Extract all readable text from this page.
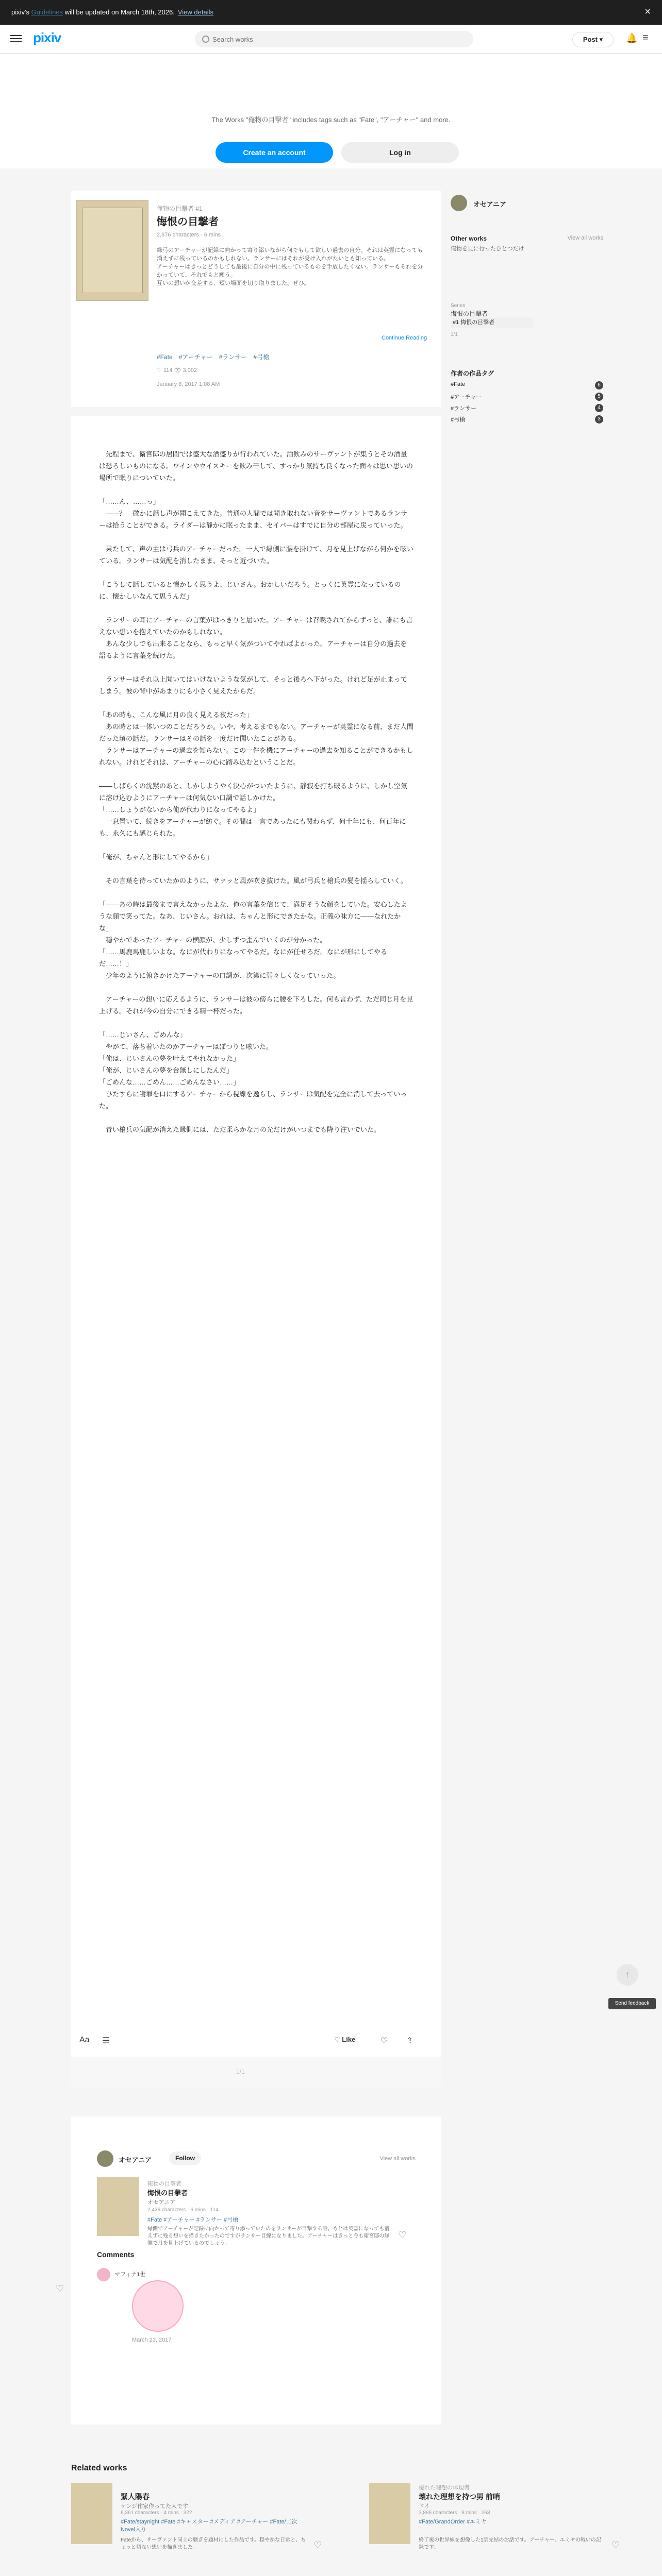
pixiv's Guidelines will be updated on March 18th, 2026. View details	×
pixiv
Search works	Post ▾	🔔 ≡
The Works "俺物の目撃者" includes tags such as "Fate", "アーチャー" and more.
Create an account	Log in
俺物の目撃者 #1
悔恨の目撃者
2,876 characters · 6 mins
緑弓のアーチャーが記録に向かって寄り添いながら何でもして欲しい過去の自分。それは英霊になっても消えずに残っているのかもしれない。ランサーにはそれが受け入れがたいとも知っている。
アーチャーはきっとどうしても最後に自分の中に残っているものを手放したくない。ランサーもそれを分かっていて、それでもと願う。
互いの想いが交差する、短い場面を切り取りました。ぜひ。
Continue Reading
#Fate #アーチャー #ランサー #弓槍
♡ 114 👁 3,002
January 8, 2017 1:08 AM
オセアニア
Other works	View all works
俺物を見に行ったひとつだけ
Series
悔恨の目撃者
#1 悔恨の目撃者
1/1
作者の作品タグ
#Fate	6
#アーチャー	5
#ランサー	4
#弓槍	3
　先程まで、衛宮邸の居間では盛大な酒盛りが行われていた。酒飲みのサーヴァントが集うとその酒量は恐ろしいものになる。ワインやウイスキーを飲み干して、すっかり気持ち良くなった面々は思い思いの場所で眠りについていた。

「……ん、……っ」
　――？　微かに話し声が聞こえてきた。普通の人間では聞き取れない音をサーヴァントであるランサーは拾うことができる。ライダーは静かに眠ったまま、セイバーはすでに自分の部屋に戻っていった。

　果たして、声の主は弓兵のアーチャーだった。一人で縁側に腰を掛けて、月を見上げながら何かを呟いている。ランサーは気配を消したまま、そっと近づいた。

「こうして話していると懐かしく思うよ、じいさん。おかしいだろう。とっくに英霊になっているのに、懐かしいなんて思うんだ」

　ランサーの耳にアーチャーの言葉がはっきりと届いた。アーチャーは召喚されてからずっと、誰にも言えない想いを抱えていたのかもしれない。
　あんな少しでも出来ることなら、もっと早く気がついてやればよかった。アーチャーは自分の過去を語るように言葉を続けた。

　ランサーはそれ以上聞いてはいけないような気がして、そっと後ろへ下がった。けれど足が止まってしまう。彼の背中があまりにも小さく見えたからだ。

「あの時も、こんな風に月の良く見える夜だった」
　あの時とは一体いつのことだろうか。いや、考えるまでもない。アーチャーが英霊になる前、まだ人間だった頃の話だ。ランサーはその話を一度だけ聞いたことがある。
　ランサーはアーチャーの過去を知らない。この一件を機にアーチャーの過去を知ることができるかもしれない。けれどそれは、アーチャーの心に踏み込むということだ。

――しばらくの沈黙のあと、しかしようやく決心がついたように、静寂を打ち破るように、しかし空気に溶け込むようにアーチャーは何気ない口調で話しかけた。
「……しょうがないから俺が代わりになってやるよ」
　一息置いて、続きをアーチャーが紡ぐ。その間は一言であったにも関わらず、何十年にも、何百年にも、永久にも感じられた。

「俺が、ちゃんと形にしてやるから」

　その言葉を待っていたかのように、サァッと風が吹き抜けた。風が弓兵と槍兵の髪を揺らしていく。

「――あの時は最後まで言えなかったよな、俺の言葉を信じて、満足そうな顔をしていた。安心したような顔で笑ってた。なあ、じいさん。おれは、ちゃんと形にできたかな。正義の味方に――なれたかな」
　穏やかであったアーチャーの横顔が、少しずつ歪んでいくのが分かった。
「……馬鹿馬鹿しいよな。なにが代わりになってやるだ。なにが任せろだ。なにが形にしてやるだ……！」
　少年のように俯きかけたアーチャーの口調が、次第に弱々しくなっていった。

　アーチャーの想いに応えるように、ランサーは彼の傍らに腰を下ろした。何も言わず、ただ同じ月を見上げる。それが今の自分にできる精一杯だった。

「……じいさん、ごめんな」
　やがて、落ち着いたのかアーチャーはぽつりと呟いた。
「俺は、じいさんの夢を叶えてやれなかった」
「俺が、じいさんの夢を台無しにしたんだ」
「ごめんな……ごめん……ごめんなさい……」
　ひたすらに謝罪を口にするアーチャーから視線を逸らし、ランサーは気配を完全に消して去っていった。

　青い槍兵の気配が消えた縁側には、ただ柔らかな月の光だけがいつまでも降り注いでいた。
Aa ☰	♡ Like	♡ ⇪
1/1
オセアニア	Follow	View all works
俺物の目撃者
悔恨の目撃者
オセアニア
2,436 characters · 6 mins · 114
#Fate #アーチャー #ランサー #弓槍
縁側でアーチャーが記録に向かって寄り添っていたのをランサーが目撃する話。もとは英霊になっても消えずに残る想いを描きたかったのですがランサー目線になりました。アーチャーはきっと今も衛宮邸の縁側で月を見上げているのでしょう。
♡
Comments
マフィナ1世
March 23, 2017
♡
↑
Send feedback
Related works
緊人陽春
ケンジ作家作ってた人です
6,361 characters · 4 mins · 322
#Fate/staynight #Fate #キャスター #メディア #アーチャー #Fate/二次Novel入り
Fateから、サーヴァント同士の騒ぎを題材にした作品です。穏やかな日常と、ちょっと切ない想いを描きました。	♡
優れた理想の体現者
壊れた理想を持つ男 前哨
ドイ
3,886 characters · 8 mins · 263
#Fate/GrandOrder #エミヤ
終了後の世界線を想像した1話完結のお話です。アーチャー、エミヤの戦いの記録です。	♡
